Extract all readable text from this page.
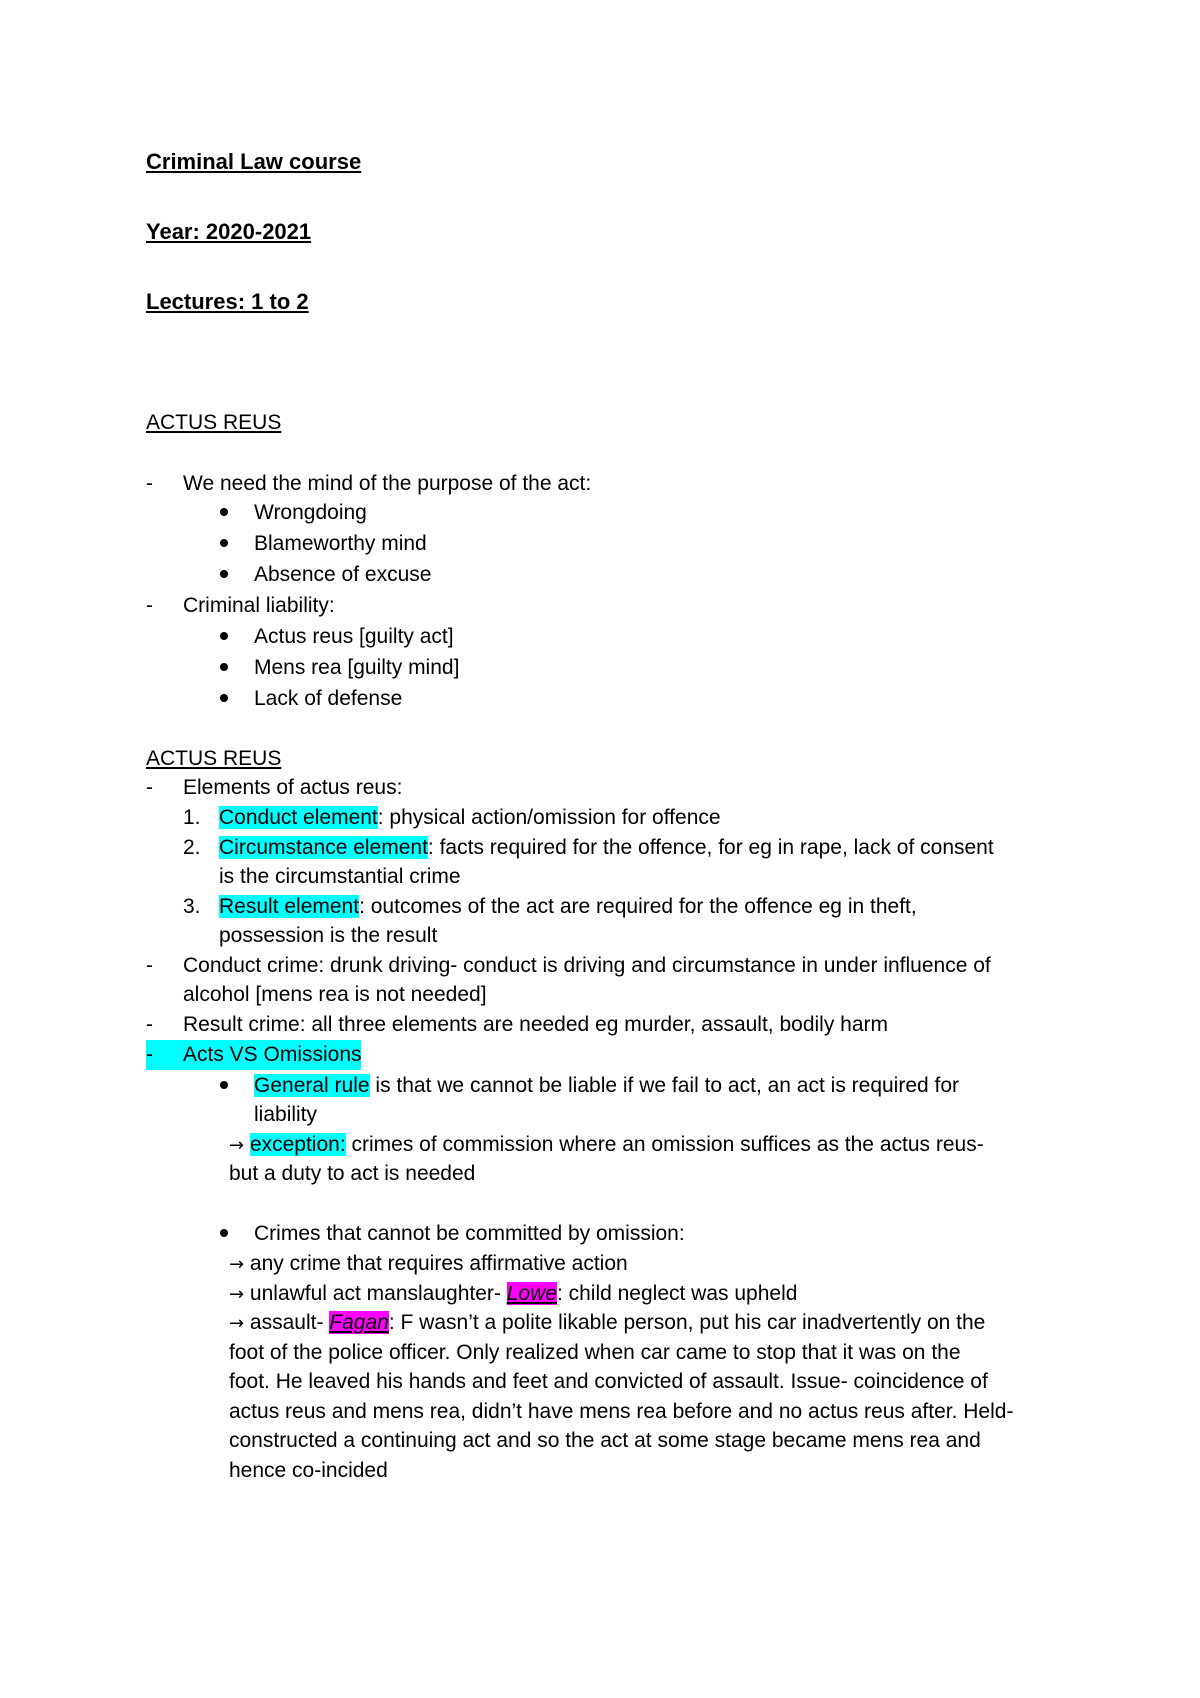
Criminal Law course
Year: 2020-2021
Lectures: 1 to 2
ACTUS REUS
- We need the mind of the purpose of the act:
Wrongdoing
Blameworthy mind
Absence of excuse
- Criminal liability:
Actus reus [guilty act]
Mens rea [guilty mind]
Lack of defense
ACTUS REUS
- Elements of actus reus:
1. Conduct element: physical action/omission for offence
2. Circumstance element: facts required for the offence, for eg in rape, lack of consent
is the circumstantial crime
3. Result element: outcomes of the act are required for the offence eg in theft,
possession is the result
- Conduct crime: drunk driving- conduct is driving and circumstance in under influence of
alcohol [mens rea is not needed]
- Result crime: all three elements are needed eg murder, assault, bodily harm
- Acts VS Omissions
General rule is that we cannot be liable if we fail to act, an act is required for
liability
→ exception: crimes of commission where an omission suffices as the actus reus-
but a duty to act is needed
Crimes that cannot be committed by omission:
→ any crime that requires affirmative action
→ unlawful act manslaughter- Lowe: child neglect was upheld
→ assault- Fagan: F wasn’t a polite likable person, put his car inadvertently on the
foot of the police officer. Only realized when car came to stop that it was on the
foot. He leaved his hands and feet and convicted of assault. Issue- coincidence of
actus reus and mens rea, didn’t have mens rea before and no actus reus after. Held-
constructed a continuing act and so the act at some stage became mens rea and
hence co-incided
